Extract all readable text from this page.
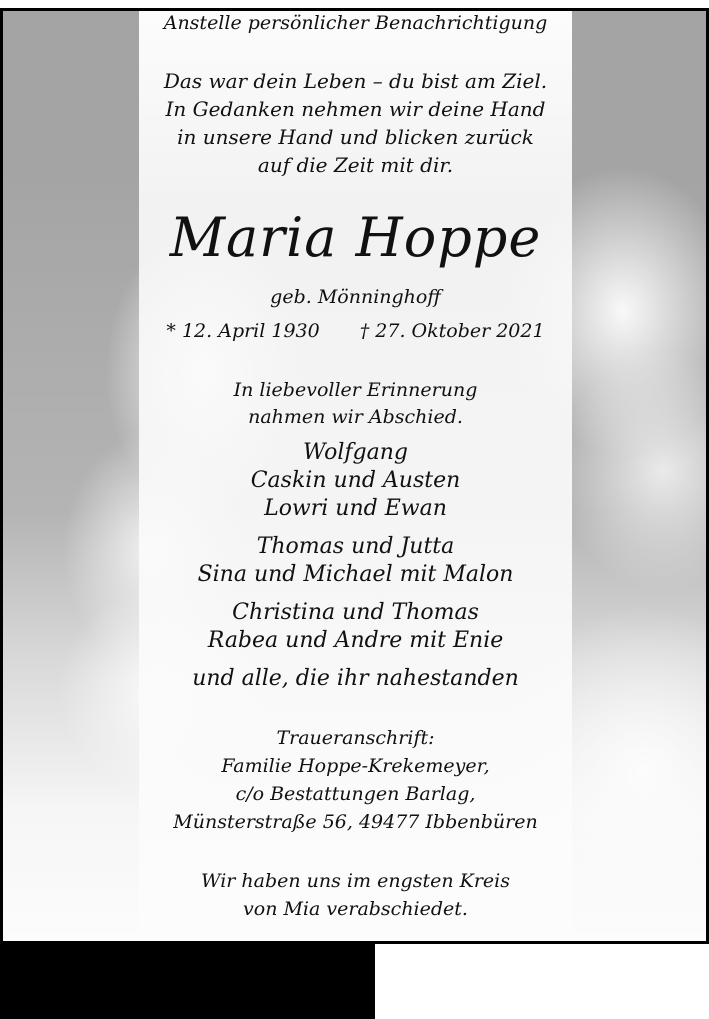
Anstelle persönlicher Benachrichtigung
Das war dein Leben – du bist am Ziel.
In Gedanken nehmen wir deine Hand
in unsere Hand und blicken zurück
auf die Zeit mit dir.
Maria Hoppe
geb. Mönninghoff
* 12. April 1930 † 27. Oktober 2021
In liebevoller Erinnerung
nahmen wir Abschied.
Wolfgang
Caskin und Austen
Lowri und Ewan
Thomas und Jutta
Sina und Michael mit Malon
Christina und Thomas
Rabea und Andre mit Enie
und alle, die ihr nahestanden
Traueranschrift:
Familie Hoppe-Krekemeyer,
c/o Bestattungen Barlag,
Münsterstraße 56, 49477 Ibbenbüren
Wir haben uns im engsten Kreis
von Mia verabschiedet.
